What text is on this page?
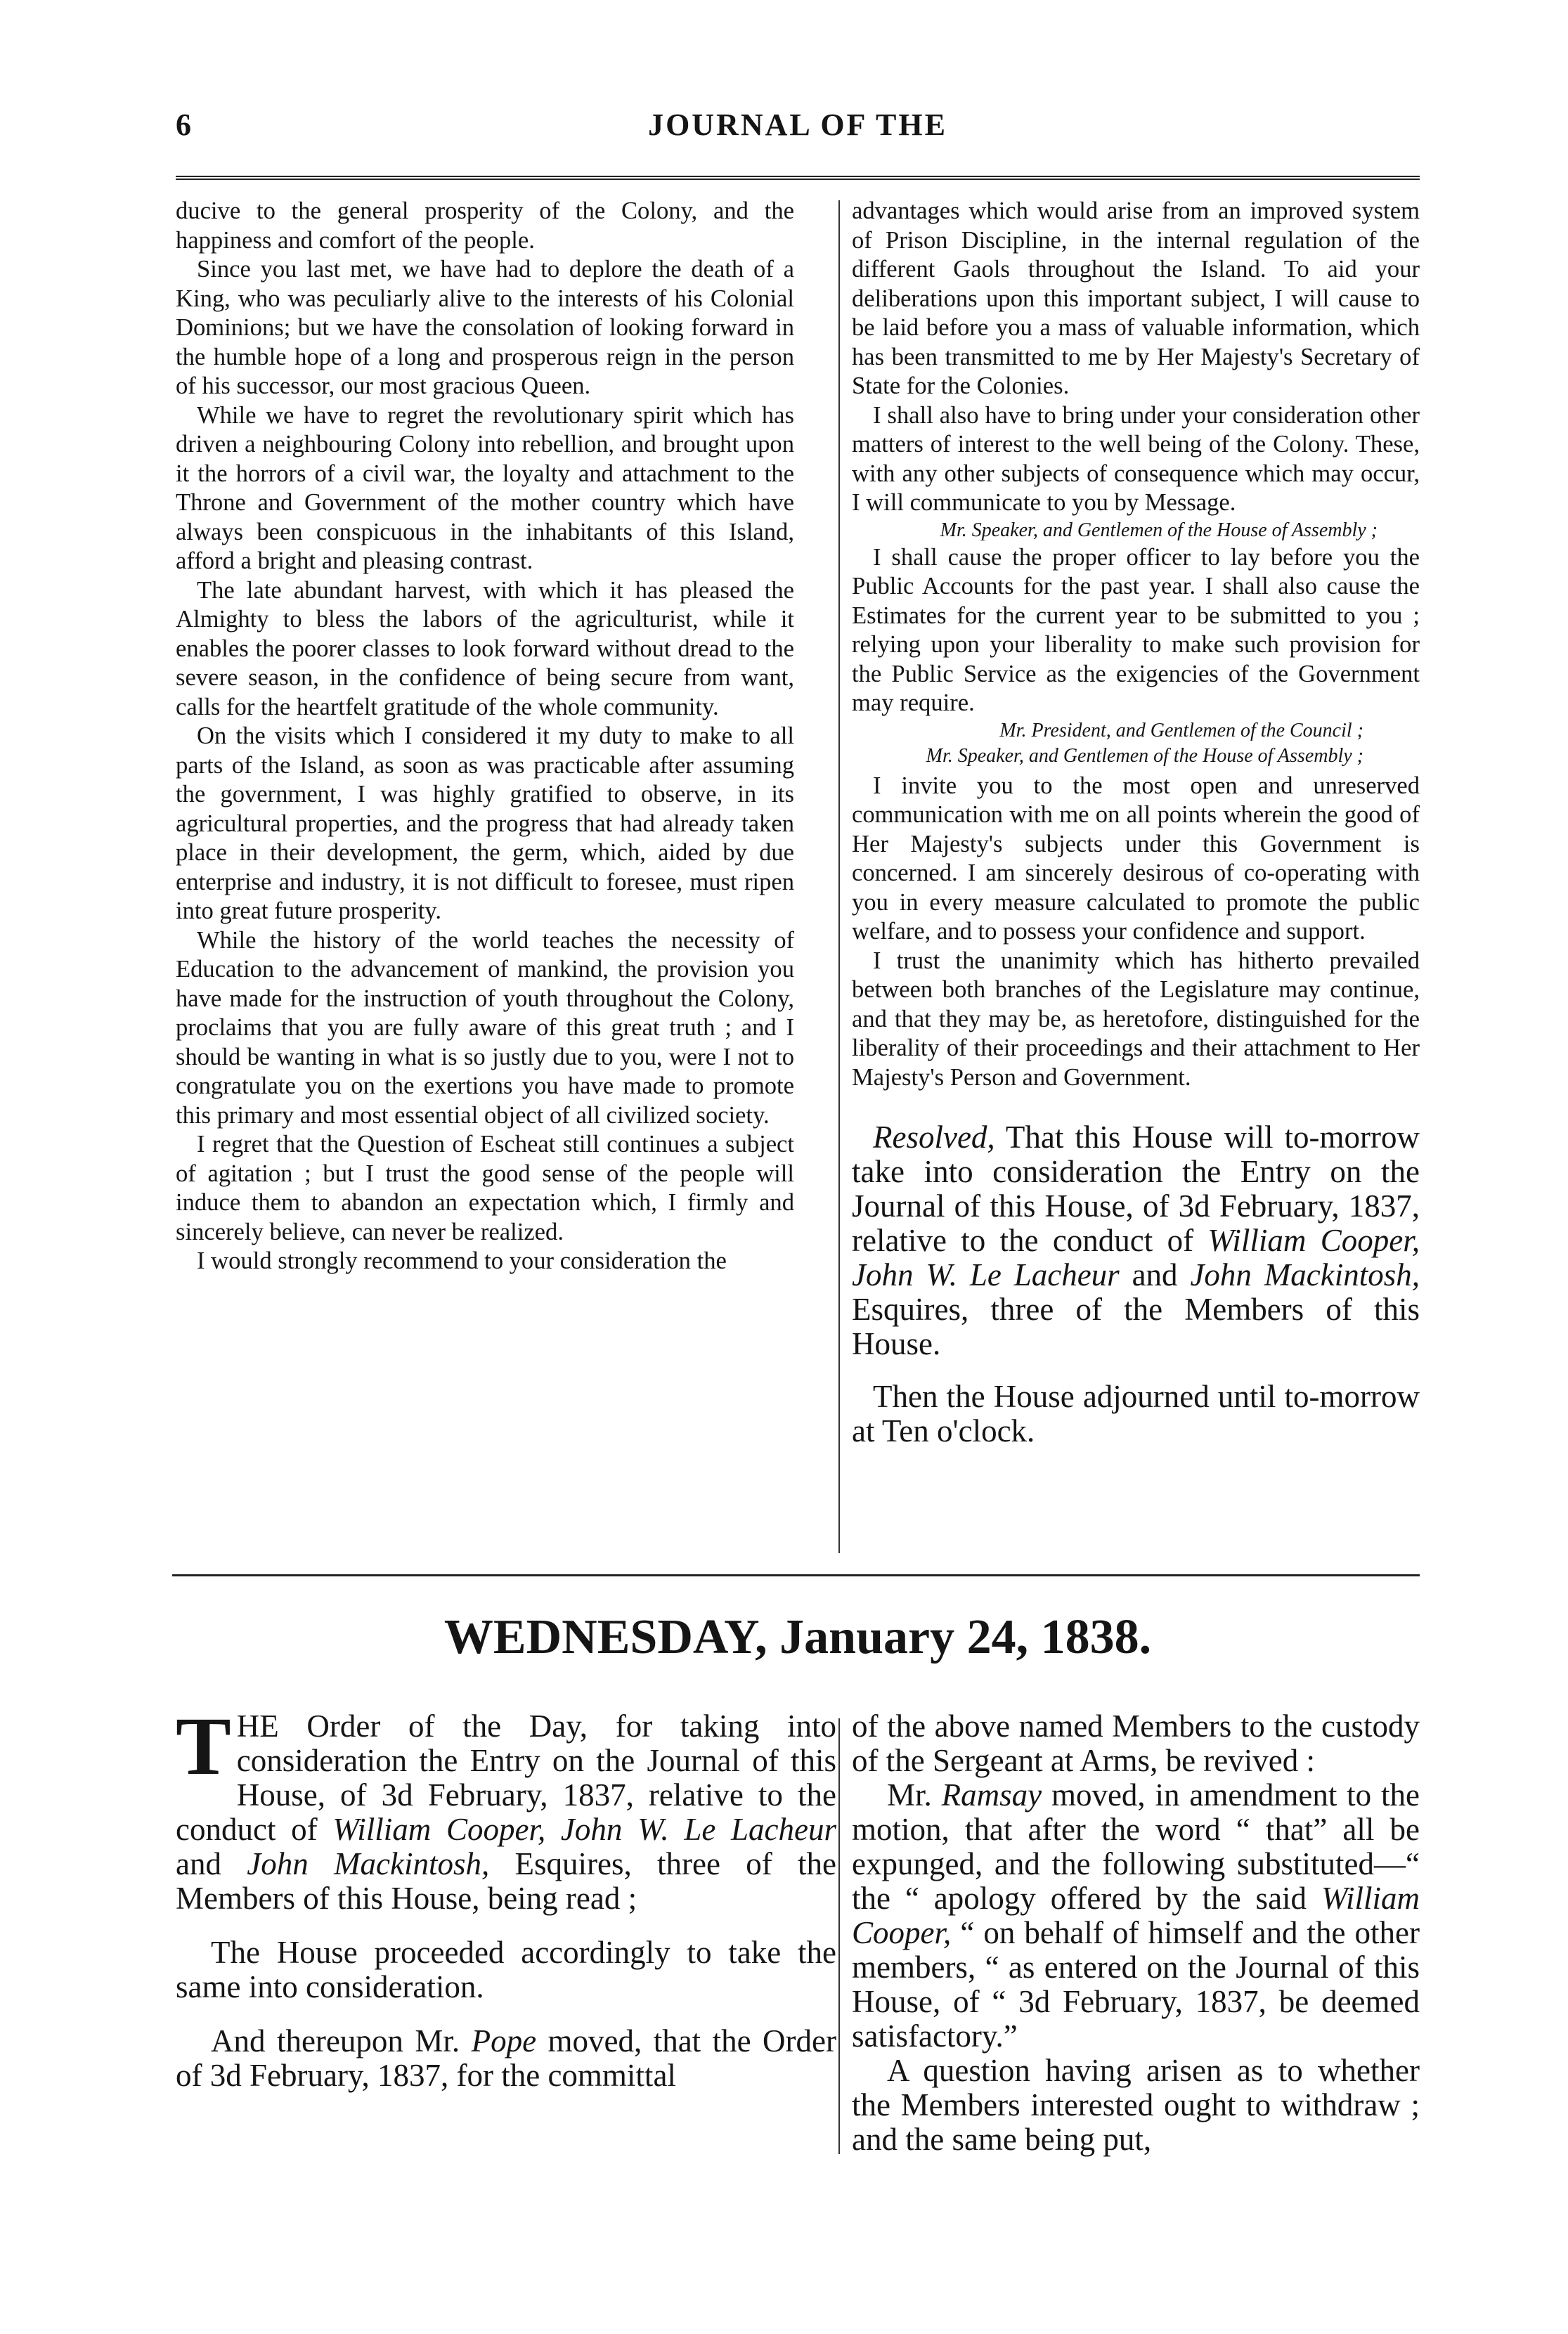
6	JOURNAL OF THE

ducive to the general prosperity of the Colony, and the happiness and comfort of the people.

Since you last met, we have had to deplore the death of a King, who was peculiarly alive to the interests of his Colonial Dominions; but we have the consolation of looking forward in the humble hope of a long and prosperous reign in the person of his successor, our most gracious Queen.

While we have to regret the revolutionary spirit which has driven a neighbouring Colony into rebellion, and brought upon it the horrors of a civil war, the loyalty and attachment to the Throne and Government of the mother country which have always been conspicuous in the inhabitants of this Island, afford a bright and pleasing contrast.

The late abundant harvest, with which it has pleased the Almighty to bless the labors of the agriculturist, while it enables the poorer classes to look forward without dread to the severe season, in the confidence of being secure from want, calls for the heartfelt gratitude of the whole community.

On the visits which I considered it my duty to make to all parts of the Island, as soon as was practicable after assuming the government, I was highly gratified to observe, in its agricultural properties, and the progress that had already taken place in their development, the germ, which, aided by due enterprise and industry, it is not difficult to foresee, must ripen into great future prosperity.

While the history of the world teaches the necessity of Education to the advancement of mankind, the provision you have made for the instruction of youth throughout the Colony, proclaims that you are fully aware of this great truth ; and I should be wanting in what is so justly due to you, were I not to congratulate you on the exertions you have made to promote this primary and most essential object of all civilized society.

I regret that the Question of Escheat still continues a subject of agitation ; but I trust the good sense of the people will induce them to abandon an expectation which, I firmly and sincerely believe, can never be realized.

I would strongly recommend to your consideration the

advantages which would arise from an improved system of Prison Discipline, in the internal regulation of the different Gaols throughout the Island. To aid your deliberations upon this important subject, I will cause to be laid before you a mass of valuable information, which has been transmitted to me by Her Majesty's Secretary of State for the Colonies.

I shall also have to bring under your consideration other matters of interest to the well being of the Colony. These, with any other subjects of consequence which may occur, I will communicate to you by Message.

Mr. Speaker, and Gentlemen of the House of Assembly ;

I shall cause the proper officer to lay before you the Public Accounts for the past year. I shall also cause the Estimates for the current year to be submitted to you ; relying upon your liberality to make such provision for the Public Service as the exigencies of the Government may require.

Mr. President, and Gentlemen of the Council ;

Mr. Speaker, and Gentlemen of the House of Assembly ;

I invite you to the most open and unreserved communication with me on all points wherein the good of Her Majesty's subjects under this Government is concerned. I am sincerely desirous of co-operating with you in every measure calculated to promote the public welfare, and to possess your confidence and support.

I trust the unanimity which has hitherto prevailed between both branches of the Legislature may continue, and that they may be, as heretofore, distinguished for the liberality of their proceedings and their attachment to Her Majesty's Person and Government.

Resolved, That this House will to-morrow take into consideration the Entry on the Journal of this House, of 3d February, 1837, relative to the conduct of William Cooper, John W. Le Lacheur and John Mackintosh, Esquires, three of the Members of this House.

Then the House adjourned until to-morrow at Ten o'clock.

WEDNESDAY, January 24, 1838.

THE Order of the Day, for taking into consideration the Entry on the Journal of this House, of 3d February, 1837, relative to the conduct of William Cooper, John W. Le Lacheur and John Mackintosh, Esquires, three of the Members of this House, being read ;

The House proceeded accordingly to take the same into consideration.

And thereupon Mr. Pope moved, that the Order of 3d February, 1837, for the committal

of the above named Members to the custody of the Sergeant at Arms, be revived :

Mr. Ramsay moved, in amendment to the motion, that after the word “ that” all be expunged, and the following substituted—“ the “ apology offered by the said William Cooper, “ on behalf of himself and the other members, “ as entered on the Journal of this House, of “ 3d February, 1837, be deemed satisfactory.”

A question having arisen as to whether the Members interested ought to withdraw ; and the same being put,
